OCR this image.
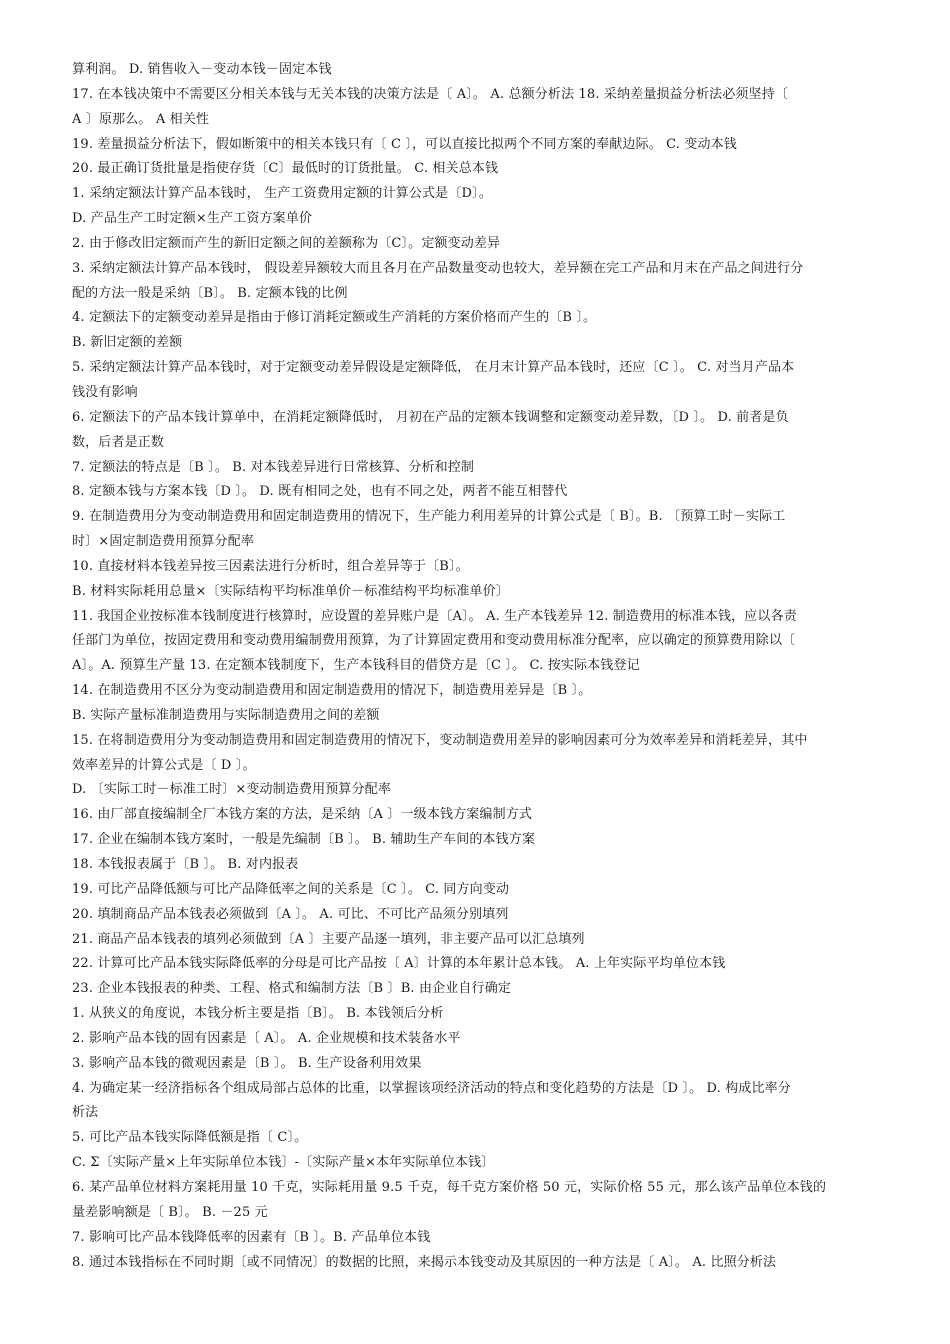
算利润。 D. 销售收入－变动本钱－固定本钱
17. 在本钱决策中不需要区分相关本钱与无关本钱的决策方法是〔 A〕。 A. 总额分析法 18. 采纳差量损益分析法必须坚持〔
A 〕原那么。 A 相关性
19. 差量损益分析法下，假如断策中的相关本钱只有〔 C 〕，可以直接比拟两个不同方案的奉献边际。 C. 变动本钱
20. 最正确订货批量是指使存货〔C〕最低时的订货批量。 C. 相关总本钱
1. 采纳定额法计算产品本钱时， 生产工资费用定额的计算公式是〔D〕。
D. 产品生产工时定额×生产工资方案单价
2. 由于修改旧定额而产生的新旧定额之间的差额称为〔C〕。定额变动差异
3. 采纳定额法计算产品本钱时， 假设差异额较大而且各月在产品数量变动也较大，差异额在完工产品和月末在产品之间进行分
配的方法一般是采纳〔B〕。 B. 定额本钱的比例
4. 定额法下的定额变动差异是指由于修订消耗定额或生产消耗的方案价格而产生的〔B 〕。
B. 新旧定额的差额
5. 采纳定额法计算产品本钱时，对于定额变动差异假设是定额降低， 在月末计算产品本钱时，还应〔C 〕。 C. 对当月产品本
钱没有影响
6. 定额法下的产品本钱计算单中，在消耗定额降低时， 月初在产品的定额本钱调整和定额变动差异数，〔D 〕。 D. 前者是负
数，后者是正数
7. 定额法的特点是〔B 〕。 B. 对本钱差异进行日常核算、分析和控制
8. 定额本钱与方案本钱〔D 〕。 D. 既有相同之处，也有不同之处，两者不能互相替代
9. 在制造费用分为变动制造费用和固定制造费用的情况下，生产能力利用差异的计算公式是〔 B〕。B. 〔预算工时－实际工
时〕×固定制造费用预算分配率
10. 直接材料本钱差异按三因素法进行分析时，组合差异等于〔B〕。
B. 材料实际耗用总量×〔实际结构平均标准单价－标准结构平均标准单价〕
11. 我国企业按标准本钱制度进行核算时，应设置的差异账户是〔A〕。 A. 生产本钱差异 12. 制造费用的标准本钱，应以各责
任部门为单位，按固定费用和变动费用编制费用预算，为了计算固定费用和变动费用标准分配率，应以确定的预算费用除以〔
A〕。A. 预算生产量 13. 在定额本钱制度下，生产本钱科目的借贷方是〔C 〕。 C. 按实际本钱登记
14. 在制造费用不区分为变动制造费用和固定制造费用的情况下，制造费用差异是〔B 〕。
B. 实际产量标准制造费用与实际制造费用之间的差额
15. 在将制造费用分为变动制造费用和固定制造费用的情况下，变动制造费用差异的影响因素可分为效率差异和消耗差异，其中
效率差异的计算公式是〔 D 〕。
D. 〔实际工时－标准工时〕×变动制造费用预算分配率
16. 由厂部直接编制全厂本钱方案的方法，是采纳〔A 〕一级本钱方案编制方式
17. 企业在编制本钱方案时，一般是先编制〔B 〕。 B. 辅助生产车间的本钱方案
18. 本钱报表属于〔B 〕。 B. 对内报表
19. 可比产品降低额与可比产品降低率之间的关系是〔C 〕。 C. 同方向变动
20. 填制商品产品本钱表必须做到〔A 〕。 A. 可比、不可比产品须分别填列
21. 商品产品本钱表的填列必须做到〔A 〕主要产品逐一填列，非主要产品可以汇总填列
22. 计算可比产品本钱实际降低率的分母是可比产品按〔 A〕计算的本年累计总本钱。 A. 上年实际平均单位本钱
23. 企业本钱报表的种类、工程、格式和编制方法〔B 〕B. 由企业自行确定
1. 从狭义的角度说，本钱分析主要是指〔B〕。 B. 本钱领后分析
2. 影响产品本钱的固有因素是〔 A〕。 A. 企业规模和技术装备水平
3. 影响产品本钱的微观因素是〔B 〕。 B. 生产设备利用效果
4. 为确定某一经济指标各个组成局部占总体的比重，以掌握该项经济活动的特点和变化趋势的方法是〔D 〕。 D. 构成比率分
析法
5. 可比产品本钱实际降低额是指〔 C〕。
C. Σ〔实际产量×上年实际单位本钱〕-〔实际产量×本年实际单位本钱〕
6. 某产品单位材料方案耗用量 10 千克，实际耗用量 9.5 千克，每千克方案价格 50 元，实际价格 55 元，那么该产品单位本钱的
量差影响额是〔 B〕。 B. －25 元
7. 影响可比产品本钱降低率的因素有〔B 〕。B. 产品单位本钱
8. 通过本钱指标在不同时期〔或不同情况〕的数据的比照，来揭示本钱变动及其原因的一种方法是〔 A〕。 A. 比照分析法
